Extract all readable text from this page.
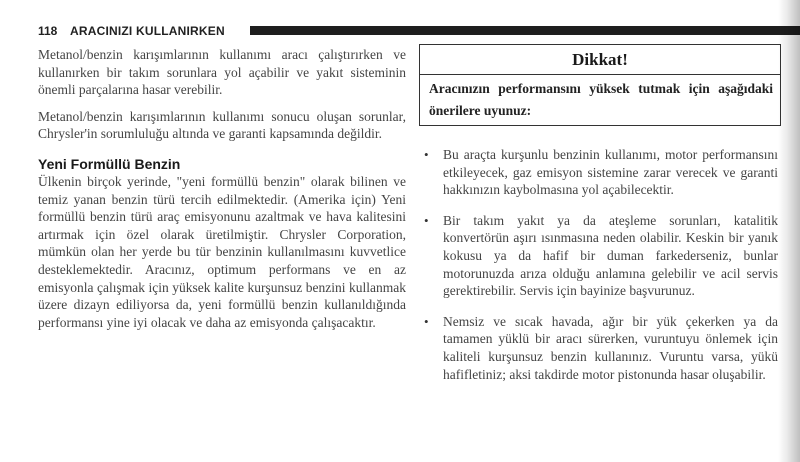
118 ARACINIZI KULLANIRKEN

Metanol/benzin karışımlarının kullanımı aracı çalıştırırken ve kullanırken bir takım sorunlara yol açabilir ve yakıt sisteminin önemli parçalarına hasar verebilir.

Metanol/benzin karışımlarının kullanımı sonucu oluşan sorunlar, Chrysler'in sorumluluğu altında ve garanti kapsamında değildir.

Yeni Formüllü Benzin

Ülkenin birçok yerinde, "yeni formüllü benzin" olarak bilinen ve temiz yanan benzin türü tercih edilmektedir. (Amerika için) Yeni formüllü benzin türü araç emisyonunu azaltmak ve hava kalitesini artırmak için özel olarak üretilmiştir. Chrysler Corporation, mümkün olan her yerde bu tür benzinin kullanılmasını kuvvetlice desteklemektedir. Aracınız, optimum performans ve en az emisyonla çalışmak için yüksek kalite kurşunsuz benzini kullanmak üzere dizayn ediliyorsa da, yeni formüllü benzin kullanıldığında performansı yine iyi olacak ve daha az emisyonda çalışacaktır.

Dikkat!
Aracınızın performansını yüksek tutmak için aşağıdaki önerilere uyunuz:
• Bu araçta kurşunlu benzinin kullanımı, motor performansını etkileyecek, gaz emisyon sistemine zarar verecek ve garanti hakkınızın kaybolmasına yol açabilecektir.
• Bir takım yakıt ya da ateşleme sorunları, katalitik konvertörün aşırı ısınmasına neden olabilir. Keskin bir yanık kokusu ya da hafif bir duman farkederseniz, bunlar motorunuzda arıza olduğu anlamına gelebilir ve acil servis gerektirebilir. Servis için bayinize başvurunuz.
• Nemsiz ve sıcak havada, ağır bir yük çekerken ya da tamamen yüklü bir aracı sürerken, vuruntuyu önlemek için kaliteli kurşunsuz benzin kullanınız. Vuruntu varsa, yükü hafifletiniz; aksi takdirde motor pistonunda hasar oluşabilir.
